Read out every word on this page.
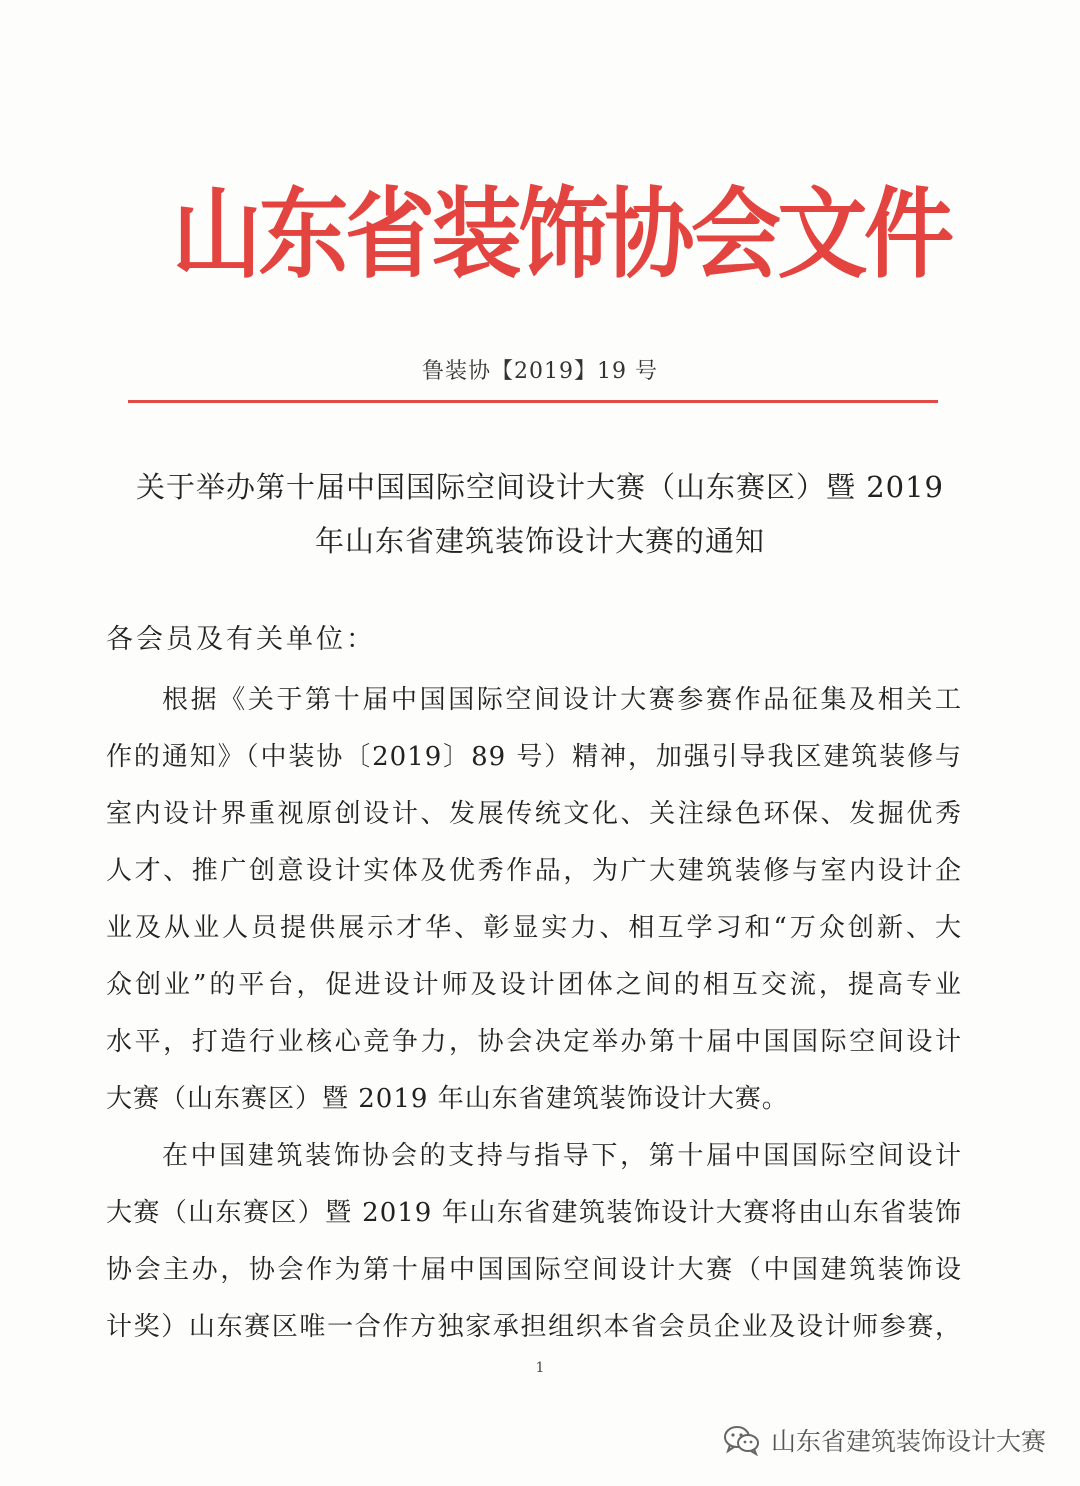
山东省装饰协会文件
鲁装协【2019】19 号
关于举办第十届中国国际空间设计大赛（山东赛区）暨 2019
年山东省建筑装饰设计大赛的通知
各会员及有关单位：
根据《关于第十届中国国际空间设计大赛参赛作品征集及相关工
作的通知》（中装协〔2019〕89 号）精神，加强引导我区建筑装修与
室内设计界重视原创设计、发展传统文化、关注绿色环保、发掘优秀
人才、推广创意设计实体及优秀作品，为广大建筑装修与室内设计企
业及从业人员提供展示才华、彰显实力、相互学习和“万众创新、大
众创业”的平台，促进设计师及设计团体之间的相互交流，提高专业
水平，打造行业核心竞争力，协会决定举办第十届中国国际空间设计
大赛（山东赛区）暨 2019 年山东省建筑装饰设计大赛。
在中国建筑装饰协会的支持与指导下，第十届中国国际空间设计
大赛（山东赛区）暨 2019 年山东省建筑装饰设计大赛将由山东省装饰
协会主办，协会作为第十届中国国际空间设计大赛（中国建筑装饰设
计奖）山东赛区唯一合作方独家承担组织本省会员企业及设计师参赛，
1
山东省建筑装饰设计大赛
